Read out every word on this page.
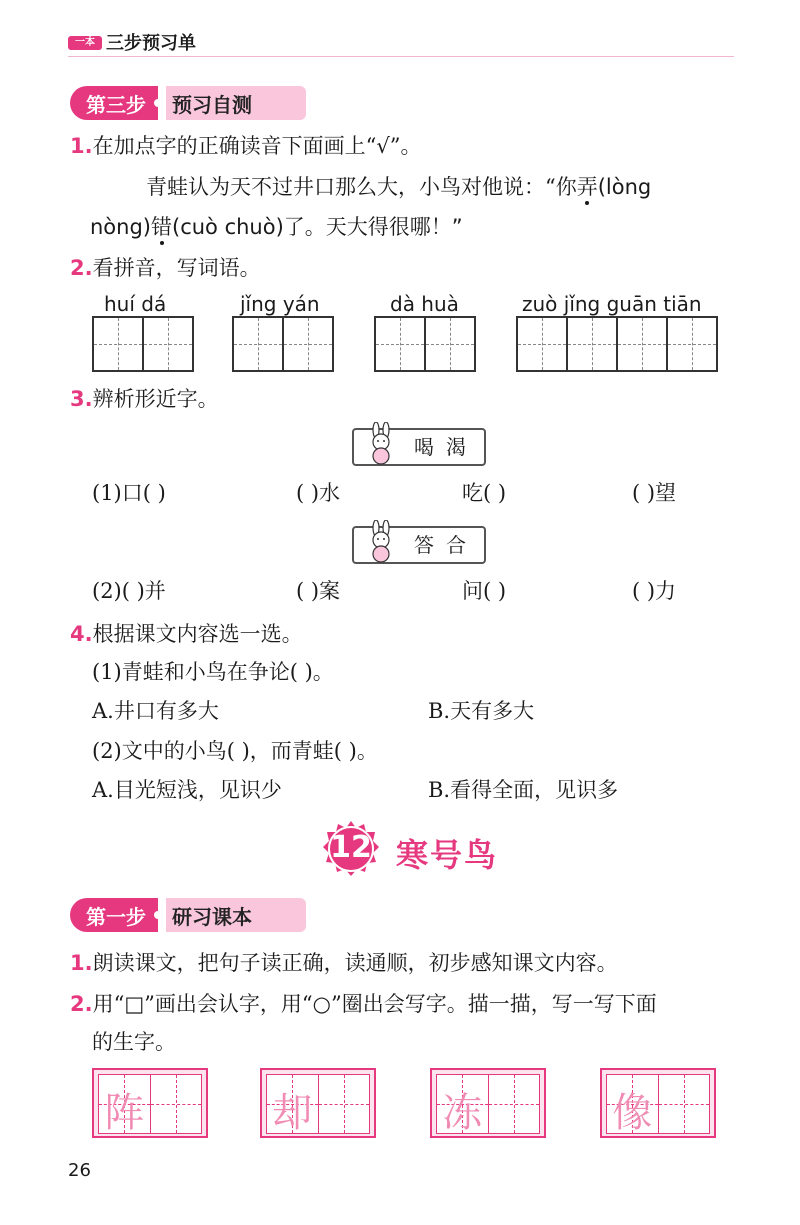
一本 三步预习单
第三步	预习自测
1.在加点字的正确读音下面画上“√”。
青蛙认为天不过井口那么大，小鸟对他说：“你弄(lòng
nòng)错(cuò chuò)了。天大得很哪！”
2.看拼音，写词语。
huí dá	jǐng yán	dà huà	zuò jǐng guān tiān
3.辨析形近字。
喝渴
(1)口( )	( )水	吃( )	( )望
答合
(2)( )并	( )案	问( )	( )力
4.根据课文内容选一选。
(1)青蛙和小鸟在争论( )。
A.井口有多大	B.天有多大
(2)文中的小鸟( )，而青蛙( )。
A.目光短浅，见识少	B.看得全面，见识多
12 寒号鸟
第一步	研习课本
1.朗读课文，把句子读正确，读通顺，初步感知课文内容。
2.用“□”画出会认字，用“○”圈出会写字。描一描，写一写下面
的生字。
阵	却	冻	像
26
